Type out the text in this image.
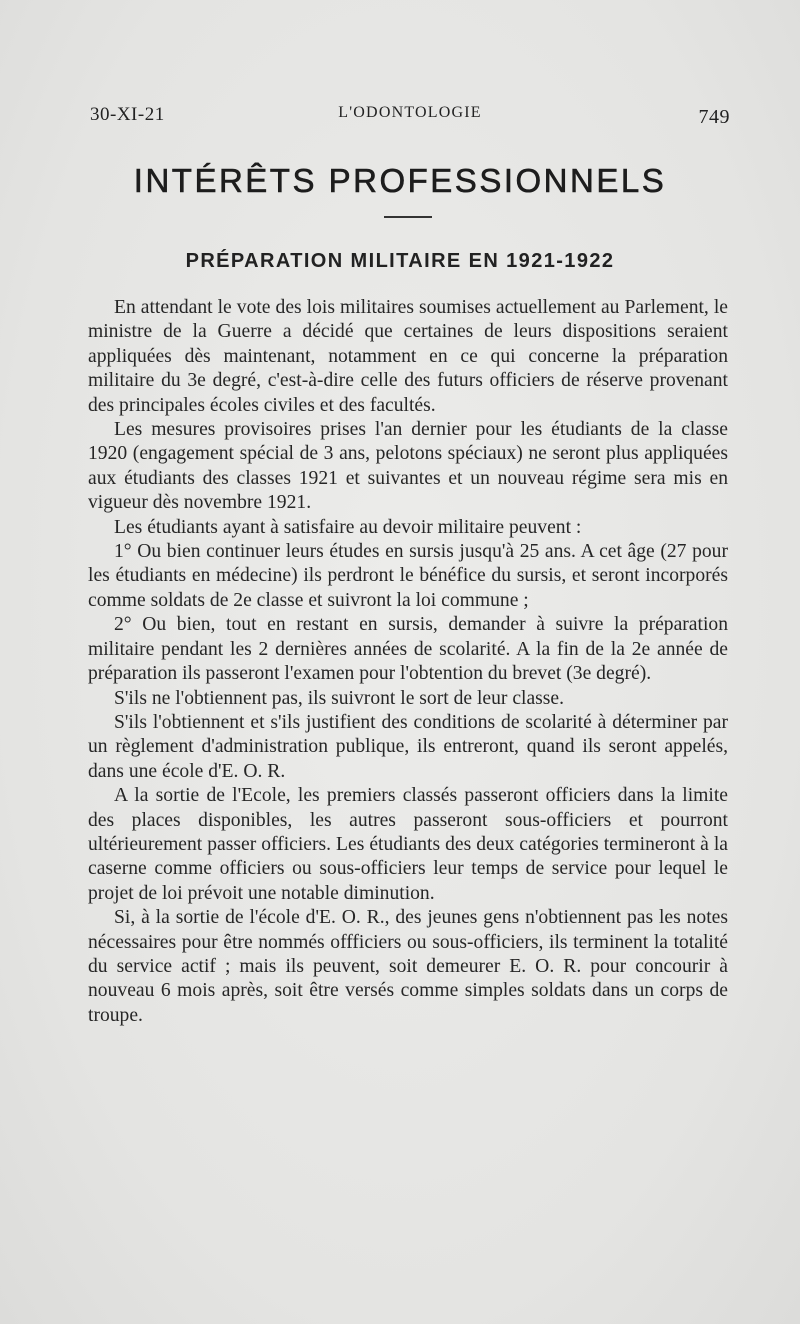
30-XI-21	L'ODONTOLOGIE	749
INTÉRÊTS PROFESSIONNELS
PRÉPARATION MILITAIRE EN 1921-1922

En attendant le vote des lois militaires soumises actuellement au Parlement, le ministre de la Guerre a décidé que certaines de leurs dispositions seraient appliquées dès maintenant, notamment en ce qui concerne la préparation militaire du 3e degré, c'est-à-dire celle des futurs officiers de réserve provenant des principales écoles civiles et des facultés.

Les mesures provisoires prises l'an dernier pour les étudiants de la classe 1920 (engagement spécial de 3 ans, pelotons spéciaux) ne seront plus appliquées aux étudiants des classes 1921 et suivantes et un nouveau régime sera mis en vigueur dès novembre 1921.

Les étudiants ayant à satisfaire au devoir militaire peuvent :

1° Ou bien continuer leurs études en sursis jusqu'à 25 ans. A cet âge (27 pour les étudiants en médecine) ils perdront le bénéfice du sursis, et seront incorporés comme soldats de 2e classe et suivront la loi commune ;

2° Ou bien, tout en restant en sursis, demander à suivre la préparation militaire pendant les 2 dernières années de scolarité. A la fin de la 2e année de préparation ils passeront l'examen pour l'obtention du brevet (3e degré).

S'ils ne l'obtiennent pas, ils suivront le sort de leur classe.

S'ils l'obtiennent et s'ils justifient des conditions de scolarité à déterminer par un règlement d'administration publique, ils entreront, quand ils seront appelés, dans une école d'E. O. R.

A la sortie de l'Ecole, les premiers classés passeront officiers dans la limite des places disponibles, les autres passeront sous-officiers et pourront ultérieurement passer officiers. Les étudiants des deux catégories termineront à la caserne comme officiers ou sous-officiers leur temps de service pour lequel le projet de loi prévoit une notable diminution.

Si, à la sortie de l'école d'E. O. R., des jeunes gens n'obtiennent pas les notes nécessaires pour être nommés offficiers ou sous-officiers, ils terminent la totalité du service actif ; mais ils peuvent, soit demeurer E. O. R. pour concourir à nouveau 6 mois après, soit être versés comme simples soldats dans un corps de troupe.
